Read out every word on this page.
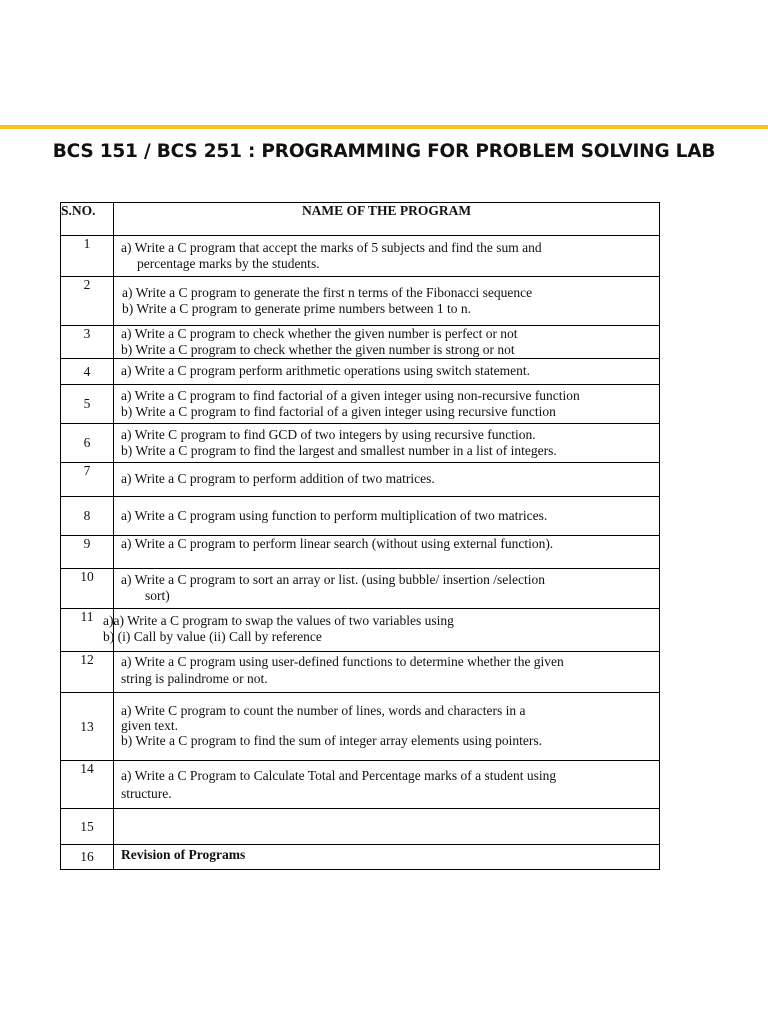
BCS 151 / BCS 251 : PROGRAMMING FOR PROBLEM SOLVING LAB
S.NO.	NAME OF THE PROGRAM
1	a) Write a C program that accept the marks of 5 subjects and find the sum and
percentage marks by the students.

2	a) Write a C program to generate the first n terms of the Fibonacci sequence
b) Write a C program to generate prime numbers between 1 to n.

3	a) Write a C program to check whether the given number is perfect or not
b) Write a C program to check whether the given number is strong or not

4	a) Write a C program perform arithmetic operations using switch statement.

5	a) Write a C program to find factorial of a given integer using non-recursive function
b) Write a C program to find factorial of a given integer using recursive function

6	a) Write C program to find GCD of two integers by using recursive function.
b) Write a C program to find the largest and smallest number in a list of integers.

7	a) Write a C program to perform addition of two matrices.

8	a) Write a C program using function to perform multiplication of two matrices.

9	a) Write a C program to perform linear search (without using external function).

10	a) Write a C program to sort an array or list. (using bubble/ insertion /selection
sort)

11	a)a) Write a C program to swap the values of two variables using
b) (i) Call by value (ii) Call by reference

12	a) Write a C program using user-defined functions to determine whether the given
string is palindrome or not.

13	a) Write C program to count the number of lines, words and characters in a
given text.
b) Write a C program to find the sum of integer array elements using pointers.

14	a) Write a C Program to Calculate Total and Percentage marks of a student using
structure.

15	

16	Revision of Programs
